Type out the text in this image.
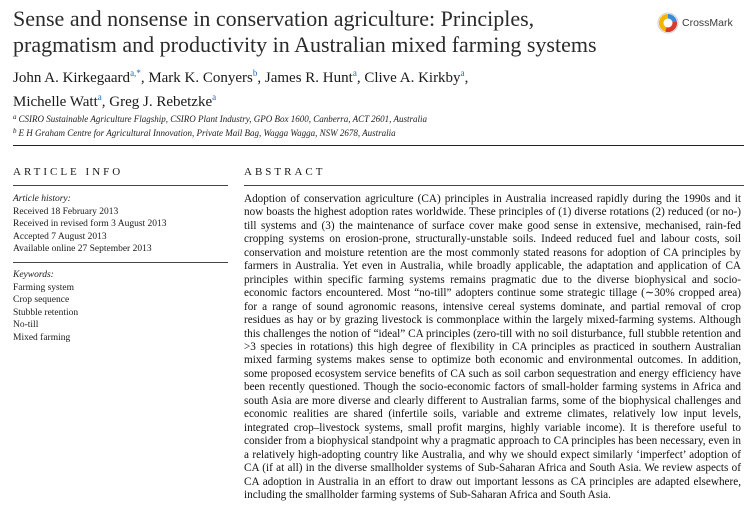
Sense and nonsense in conservation agriculture: Principles, pragmatism and productivity in Australian mixed farming systems
CrossMark
John A. Kirkegaard$^{a,*}$, Mark K. Conyers$^b$, James R. Hunt$^a$, Clive A. Kirkby$^a$,
Michelle Watt$^a$, Greg J. Rebetzke$^a$
$^a$ CSIRO Sustainable Agriculture Flagship, CSIRO Plant Industry, GPO Box 1600, Canberra, ACT 2601, Australia
$^b$ E H Graham Centre for Agricultural Innovation, Private Mail Bag, Wagga Wagga, NSW 2678, Australia
ARTICLE INFO	ABSTRACT
Article history:
Received 18 February 2013
Received in revised form 3 August 2013
Accepted 7 August 2013
Available online 27 September 2013
Keywords:
Farming system
Crop sequence
Stubble retention
No-till
Mixed farming

Adoption of conservation agriculture (CA) principles in Australia increased rapidly during the 1990s and it now boasts the highest adoption rates worldwide. These principles of (1) diverse rotations (2) reduced (or no-) till systems and (3) the maintenance of surface cover make good sense in extensive, mechanised, rain-fed cropping systems on erosion-prone, structurally-unstable soils. Indeed reduced fuel and labour costs, soil conservation and moisture retention are the most commonly stated reasons for adoption of CA principles by farmers in Australia. Yet even in Australia, while broadly applicable, the adaptation and application of CA principles within specific farming systems remains pragmatic due to the diverse biophysical and socio-economic factors encountered. Most “no-till” adopters continue some strategic tillage (∼30% cropped area) for a range of sound agronomic reasons, intensive cereal systems dominate, and partial removal of crop residues as hay or by grazing livestock is commonplace within the largely mixed-farming systems. Although this challenges the notion of “ideal” CA principles (zero-till with no soil disturbance, full stubble retention and >3 species in rotations) this high degree of flexibility in CA principles as practiced in southern Australian mixed farming systems makes sense to optimize both economic and environmental outcomes. In addition, some proposed ecosystem service benefits of CA such as soil carbon sequestration and energy efficiency have been recently questioned. Though the socio-economic factors of small-holder farming systems in Africa and south Asia are more diverse and clearly different to Australian farms, some of the biophysical challenges and economic realities are shared (infertile soils, variable and extreme climates, relatively low input levels, integrated crop–livestock systems, small profit margins, highly variable income). It is therefore useful to consider from a biophysical standpoint why a pragmatic approach to CA principles has been necessary, even in a relatively high-adopting country like Australia, and why we should expect similarly ‘imperfect’ adoption of CA (if at all) in the diverse smallholder systems of Sub-Saharan Africa and South Asia. We review aspects of CA adoption in Australia in an effort to draw out important lessons as CA principles are adapted elsewhere, including the smallholder farming systems of Sub-Saharan Africa and South Asia.
